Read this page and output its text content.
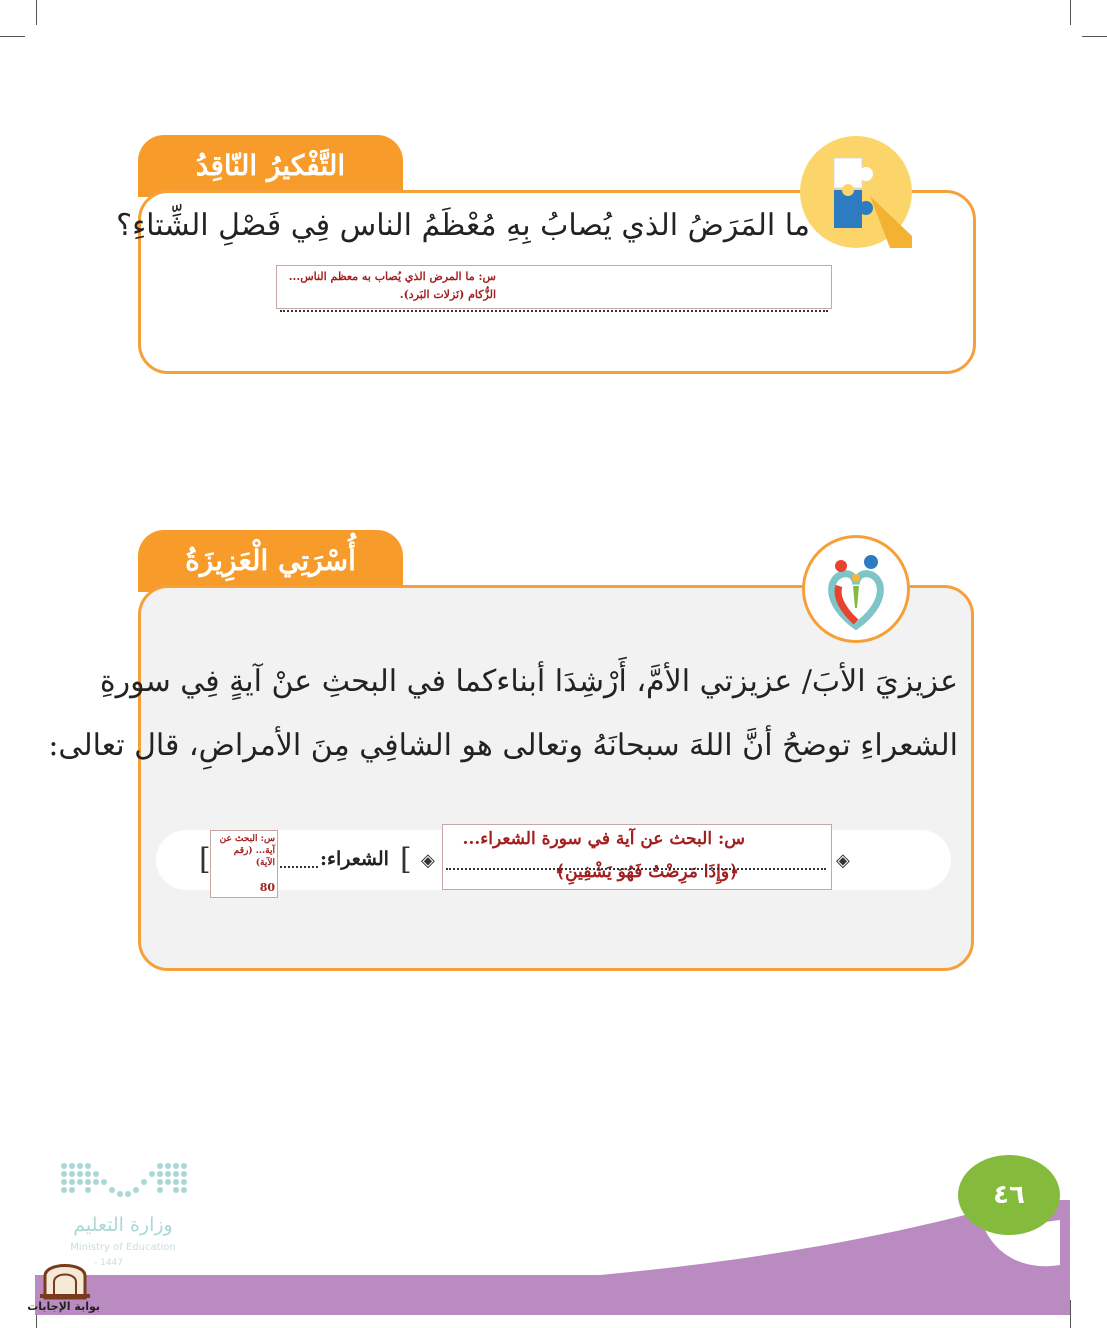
التَّفْكيرُ النّاقِدُ
ما المَرَضُ الذي يُصابُ بِهِ مُعْظَمُ الناس فِي فَصْلِ الشِّتاءِ؟
س: ما المرض الذي يُصاب به معظم الناس...
الزُّكام (نَزلات البَرد).
أُسْرَتِي الْعَزِيزَةُ
عزيزيَ الأبَ/ عزيزتي الأمَّ، أَرْشِدَا أبناءكما في البحثِ عنْ آيةٍ فِي سورةِ
الشعراءِ توضحُ أنَّ اللهَ سبحانَهُ وتعالى هو الشافِي مِنَ الأمراضِ، قال تعالى:
◈
س: البحث عن آية في سورة الشعراء...
﴿وَإِذَا مَرِضْتُ فَهُوَ يَشْفِينِ﴾
◈
[
الشعراء:
س: البحث عن آية... (رقم الآية)
80
[
٤٦
وزارة التعليم
Ministry of Education
- 1447
بوابة الإجابات
